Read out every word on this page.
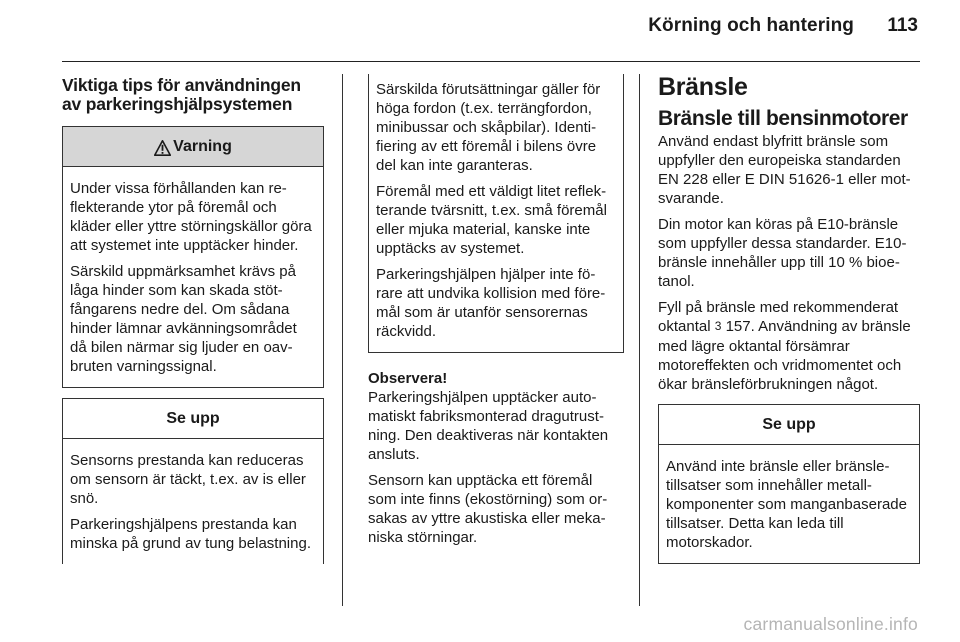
Körning och hantering 113
Viktiga tips för användningen av parkeringshjälpsystemen
Varning

Under vissa förhållanden kan reflekterande ytor på föremål och kläder eller yttre störningskällor göra att systemet inte upptäcker hinder.

Särskild uppmärksamhet krävs på låga hinder som kan skada stötfångarens nedre del. Om sådana hinder lämnar avkänningsområdet då bilen närmar sig ljuder en oavbruten varningssignal.

Se upp

Sensorns prestanda kan reduceras om sensorn är täckt, t.ex. av is eller snö.

Parkeringshjälpens prestanda kan minska på grund av tung belastning.

Särskilda förutsättningar gäller för höga fordon (t.ex. terrängfordon, minibussar och skåpbilar). Identifiering av ett föremål i bilens övre del kan inte garanteras.

Föremål med ett väldigt litet reflekterande tvärsnitt, t.ex. små föremål eller mjuka material, kanske inte upptäcks av systemet.

Parkeringshjälpen hjälper inte förare att undvika kollision med föremål som är utanför sensorernas räckvidd.

Observera!

Parkeringshjälpen upptäcker automatiskt fabriksmonterad dragutrustning. Den deaktiveras när kontakten ansluts.

Sensorn kan upptäcka ett föremål som inte finns (ekostörning) som orsakas av yttre akustiska eller mekaniska störningar.

Bränsle
Bränsle till bensinmotorer

Använd endast blyfritt bränsle som uppfyller den europeiska standarden EN 228 eller E DIN 51626-1 eller motsvarande.

Din motor kan köras på E10-bränsle som uppfyller dessa standarder. E10-bränsle innehåller upp till 10 % bioetanol.

Fyll på bränsle med rekommenderat oktantal 3 157. Användning av bränsle med lägre oktantal försämrar motoreffekten och vridmomentet och ökar bränsleförbrukningen något.

Se upp

Använd inte bränsle eller bränsletillsatser som innehåller metallkomponenter som manganbaserade tillsatser. Detta kan leda till motorskador.

carmanualsonline.info
